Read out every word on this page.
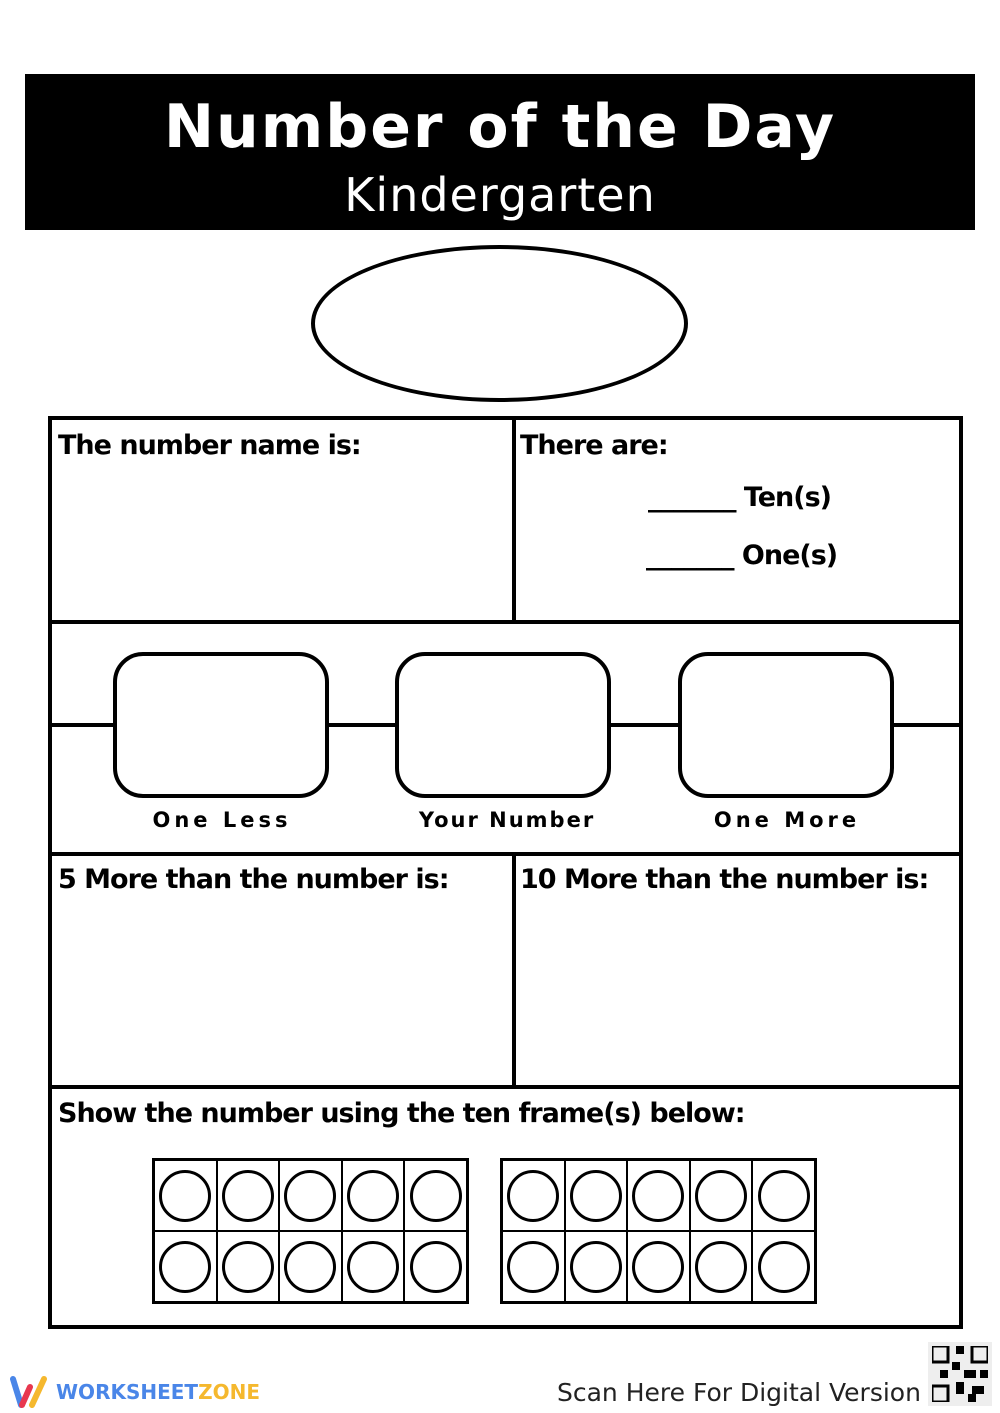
Number of the Day
Kindergarten
The number name is:	There are:
_______ Ten(s)
_______ One(s)
One Less	Your Number	One More
5 More than the number is:	10 More than the number is:
Show the number using the ten frame(s) below:
WORKSHEETZONE	Scan Here For Digital Version
